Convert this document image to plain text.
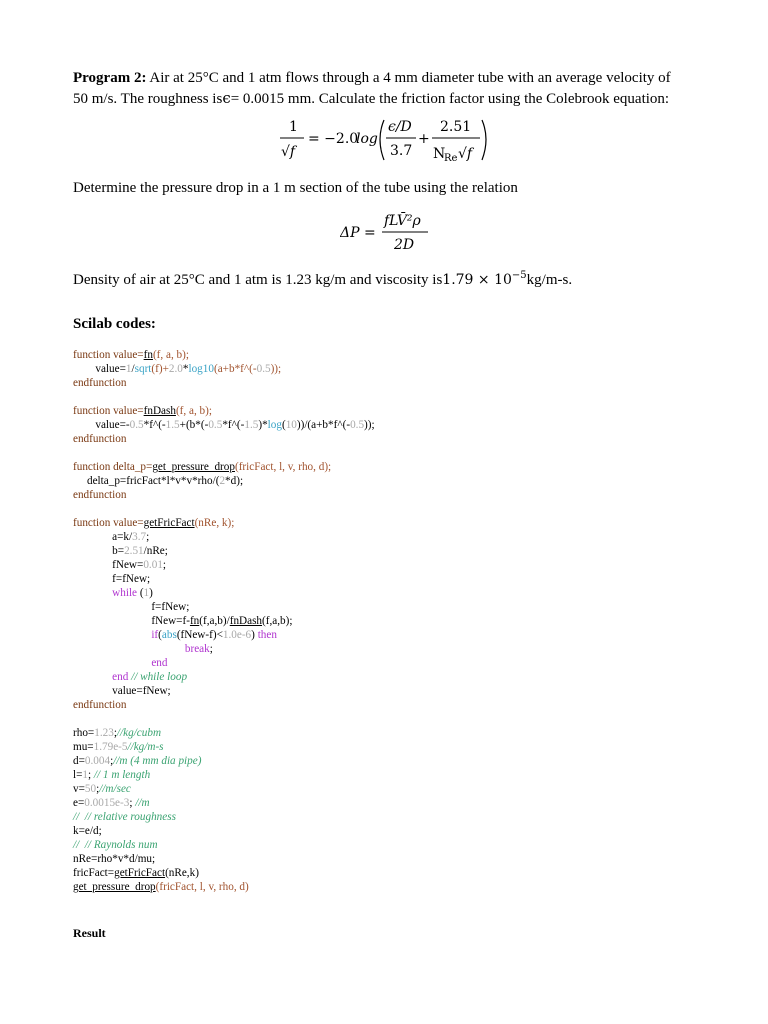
Program 2: Air at 25°C and 1 atm flows through a 4 mm diameter tube with an average velocity of
50 m/s. The roughness isϵ= 0.0015 mm. Calculate the friction factor using the Colebrook equation:
1
√f
= −2.0
log
ϵ/D
3.7
+
2.51
N
Re √f
Determine the pressure drop in a 1 m section of the tube using the relation
ΔP =
fLV̄²ρ
2D
Density of air at 25°C and 1 atm is 1.23 kg/m and viscosity $is1.79 \times 10^{-5}kg/m-s$.
Scilab codes:
function value=fn(f, a, b);
value=1/sqrt(f)+2.0*log10(a+b*f^(-0.5));
endfunction
function value=fnDash(f, a, b);
value=-0.5*f^(-1.5+(b*(-0.5*f^(-1.5)*log(10))/(a+b*f^(-0.5));
endfunction
function delta_p=get_pressure_drop(fricFact, l, v, rho, d);
delta_p=fricFact*l*v*v*rho/(2*d);
endfunction
function value=getFricFact(nRe, k);
a=k/3.7;
b=2.51/nRe;
fNew=0.01;
f=fNew;
while (1)
f=fNew;
fNew=f-fn(f,a,b)/fnDash(f,a,b);
if(abs(fNew-f)<1.0e-6) then
break;
end
end // while loop
value=fNew;
endfunction
rho=1.23;//kg/cubm
mu=1.79e-5//kg/m-s
d=0.004;//m (4 mm dia pipe)
l=1; // 1 m length
v=50;//m/sec
e=0.0015e-3; //m
//  // relative roughness
k=e/d;
//  // Raynolds num
nRe=rho*v*d/mu;
fricFact=getFricFact(nRe,k)
get_pressure_drop(fricFact, l, v, rho, d)
Result
